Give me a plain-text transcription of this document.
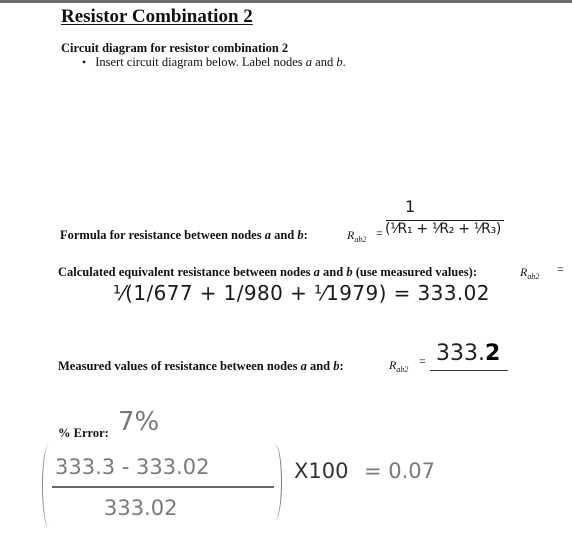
Resistor Combination 2
Circuit diagram for resistor combination 2
• Insert circuit diagram below. Label nodes a and b.
Formula for resistance between nodes a and b:	$R_{ab2}$ =
1
(¹⁄R₁ + ¹⁄R₂ + ¹⁄R₃)
Calculated equivalent resistance between nodes a and b (use measured values):	$R_{ab2}$
=
¹⁄(1/677 + 1/980 + ¹⁄1979) = 333.02
Measured values of resistance between nodes a and b:	$R_{ab2}$
= 333.2
% Error: 7%
333.3 - 333.02
333.02
X100 = 0.07
